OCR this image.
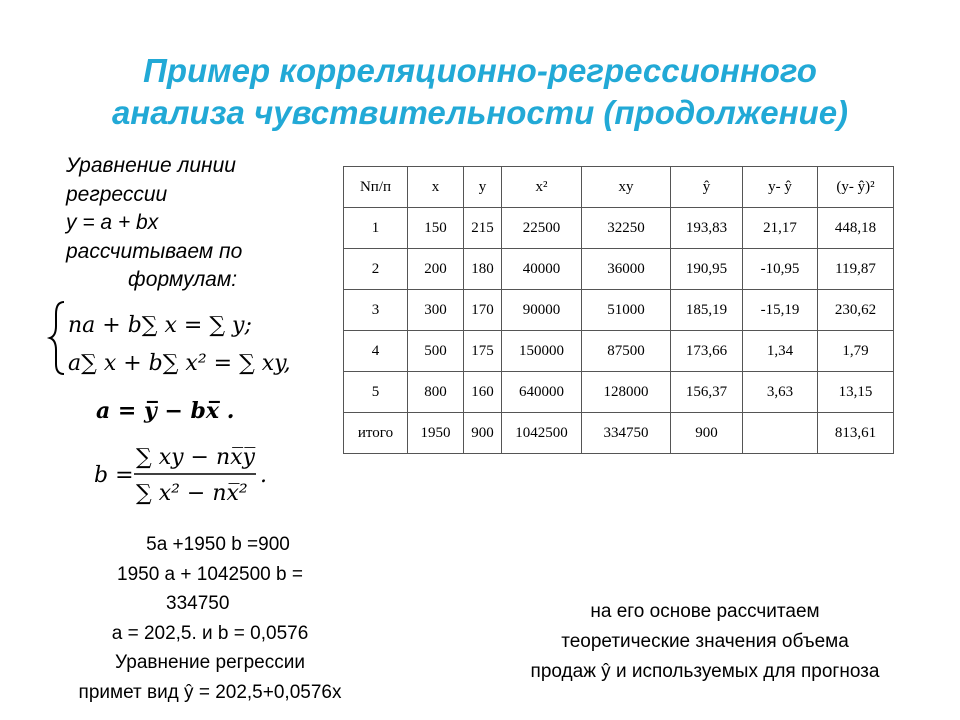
Пример корреляционно-регрессионного
анализа чувствительности (продолжение)
Уравнение линии
регрессии
y = a + bx
рассчитываем по
формулам:
na + b∑ x = ∑ y;
a∑ x + b∑ x² = ∑ xy,
a = y̅ − bx̅ .
b =
∑ xy − nx̅y̅
∑ x² − nx̅²
.
Nп/п	x	y	x²	xy	ŷ	y- ŷ	(y- ŷ)²
1	150	215	22500	32250	193,83	21,17	448,18
2	200	180	40000	36000	190,95	-10,95	119,87
3	300	170	90000	51000	185,19	-15,19	230,62
4	500	175	150000	87500	173,66	1,34	1,79
5	800	160	640000	128000	156,37	3,63	13,15
итого	1950	900	1042500	334750	900		813,61
5a +1950 b =900
1950 a + 1042500 b =
334750
a = 202,5. и b = 0,0576
Уравнение регрессии
примет вид ŷ = 202,5+0,0576x
на его основе рассчитаем
теоретические значения объема
продаж ŷ и используемых для прогноза
